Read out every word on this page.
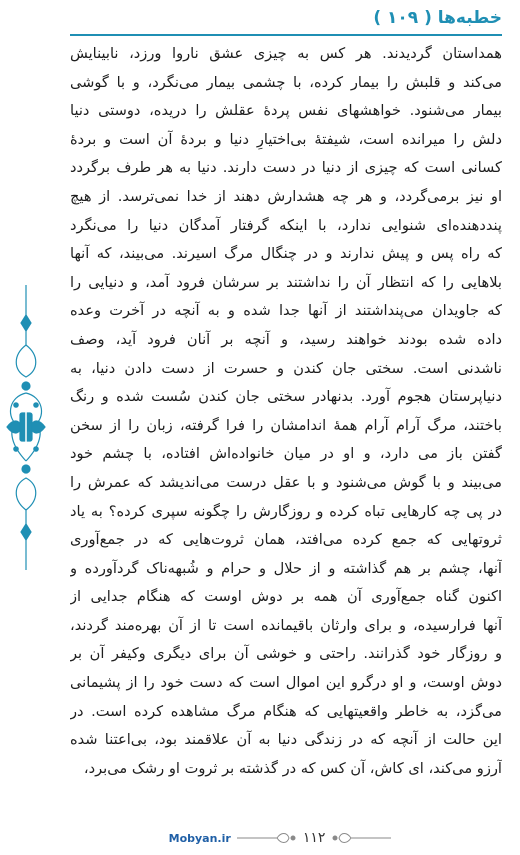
خطبه‌ها ( ۱۰۹ )
همداستان گردیدند. هر کس به چیزی عشق ناروا ورزد، نابینایش
می‌کند و قلبش را بیمار کرده، با چشمی بیمار می‌نگرد، و با گوشی
بیمار می‌شنود. خواهشهای نفس پردهٔ عقلش را دریده، دوستی دنیا
دلش را میرانده است، شیفتهٔ بی‌اختیارِ دنیا و بردهٔ آن است و بردهٔ
کسانی است که چیزی از دنیا در دست دارند. دنیا به هر طرف برگردد
او نیز برمی‌گردد، و هر چه هشدارش دهند از خدا نمی‌ترسد. از هیچ
پند‌دهنده‌ای شنوایی ندارد، با اینکه گرفتار آمدگان دنیا را می‌نگرد
که راه پس و پیش ندارند و در چنگال مرگ اسیرند. می‌بیند، که آنها
بلاهایی را که انتظار آن را نداشتند بر سرشان فرود آمد، و دنیایی را
که جاویدان می‌پنداشتند از آنها جدا شده و به آنچه در آخرت وعده
داده شده بودند خواهند رسید، و آنچه بر آنان فرود آید، وصف
ناشدنی است. سختی جان کندن و حسرت از دست دادن دنیا، به
دنیاپرستان هجوم آورد. بدنهادر سختی جان کندن سُست شده و رنگ
باختند، مرگ آرام آرام همهٔ اندامشان را فرا گرفته، زبان را از سخن
گفتن باز می دارد، و او در میان خانواده‌اش افتاده، با چشم خود
می‌بیند و با گوش می‌شنود و با عقل درست می‌اندیشد که عمرش را
در پی چه کارهایی تباه کرده و روزگارش را چگونه سپری کرده؟ به یاد
ثروتهایی که جمع کرده می‌افتد، همان ثروت‌هایی که در جمع‌آوری
آنها، چشم بر هم گذاشته و از حلال و حرام و شُبهه‌ناک گردآورده و
اکنون گناه جمع‌آوری آن همه بر دوش اوست که هنگام جدایی از
آنها فرارسیده، و برای وارثان باقیمانده است تا از آن بهره‌مند گردند،
و روزگار خود گذرانند. راحتی و خوشی آن برای دیگری وکیفر آن بر
دوش اوست، و او درگرو این اموال است که دست خود را از پشیمانی
می‌گزد، به خاطر واقعیتهایی که هنگام مرگ مشاهده کرده است. در
این حالت از آنچه که در زندگی دنیا به آن علاقمند بود، بی‌اعتنا شده
آرزو می‌کند، ای کاش، آن کس که در گذشته بر ثروت او رشک می‌برد،
Mobyan.ir	۱۱۲
